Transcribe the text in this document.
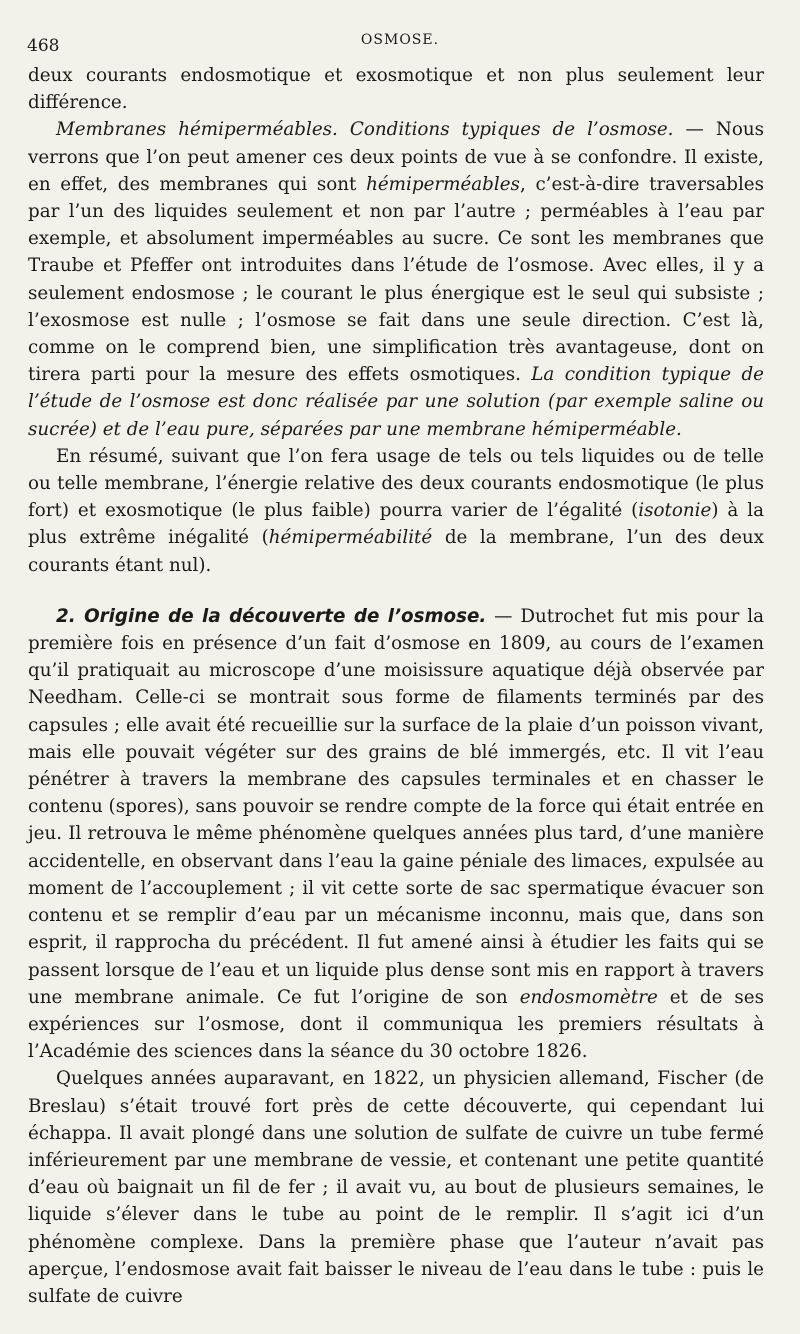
468	OSMOSE.

deux courants endosmotique et exosmotique et non plus seulement leur différence.

Membranes hémiperméables. Conditions typiques de l’osmose. — Nous verrons que l’on peut amener ces deux points de vue à se confondre. Il existe, en effet, des membranes qui sont hémiperméables, c’est-à-dire traversables par l’un des liquides seulement et non par l’autre ; perméables à l’eau par exemple, et absolument imperméables au sucre. Ce sont les membranes que Traube et Pfeffer ont introduites dans l’étude de l’osmose. Avec elles, il y a seulement endosmose ; le courant le plus énergique est le seul qui subsiste ; l’exosmose est nulle ; l’osmose se fait dans une seule direction. C’est là, comme on le comprend bien, une simplification très avantageuse, dont on tirera parti pour la mesure des effets osmotiques. La condition typique de l’étude de l’osmose est donc réalisée par une solution (par exemple saline ou sucrée) et de l’eau pure, séparées par une membrane hémiperméable.

En résumé, suivant que l’on fera usage de tels ou tels liquides ou de telle ou telle membrane, l’énergie relative des deux courants endosmotique (le plus fort) et exosmotique (le plus faible) pourra varier de l’égalité (isotonie) à la plus extrême inégalité (hémiperméabilité de la membrane, l’un des deux courants étant nul).

2. Origine de la découverte de l’osmose. — Dutrochet fut mis pour la première fois en présence d’un fait d’osmose en 1809, au cours de l’examen qu’il pratiquait au microscope d’une moisissure aquatique déjà observée par Needham. Celle-ci se montrait sous forme de filaments terminés par des capsules ; elle avait été recueillie sur la surface de la plaie d’un poisson vivant, mais elle pouvait végéter sur des grains de blé immergés, etc. Il vit l’eau pénétrer à travers la membrane des capsules terminales et en chasser le contenu (spores), sans pouvoir se rendre compte de la force qui était entrée en jeu. Il retrouva le même phénomène quelques années plus tard, d’une manière accidentelle, en observant dans l’eau la gaine péniale des limaces, expulsée au moment de l’accouplement ; il vit cette sorte de sac spermatique évacuer son contenu et se remplir d’eau par un mécanisme inconnu, mais que, dans son esprit, il rapprocha du précédent. Il fut amené ainsi à étudier les faits qui se passent lorsque de l’eau et un liquide plus dense sont mis en rapport à travers une membrane animale. Ce fut l’origine de son endosmomètre et de ses expériences sur l’osmose, dont il communiqua les premiers résultats à l’Académie des sciences dans la séance du 30 octobre 1826.

Quelques années auparavant, en 1822, un physicien allemand, Fischer (de Breslau) s’était trouvé fort près de cette découverte, qui cependant lui échappa. Il avait plongé dans une solution de sulfate de cuivre un tube fermé inférieurement par une membrane de vessie, et contenant une petite quantité d’eau où baignait un fil de fer ; il avait vu, au bout de plusieurs semaines, le liquide s’élever dans le tube au point de le remplir. Il s’agit ici d’un phénomène complexe. Dans la première phase que l’auteur n’avait pas aperçue, l’endosmose avait fait baisser le niveau de l’eau dans le tube : puis le sulfate de cuivre
